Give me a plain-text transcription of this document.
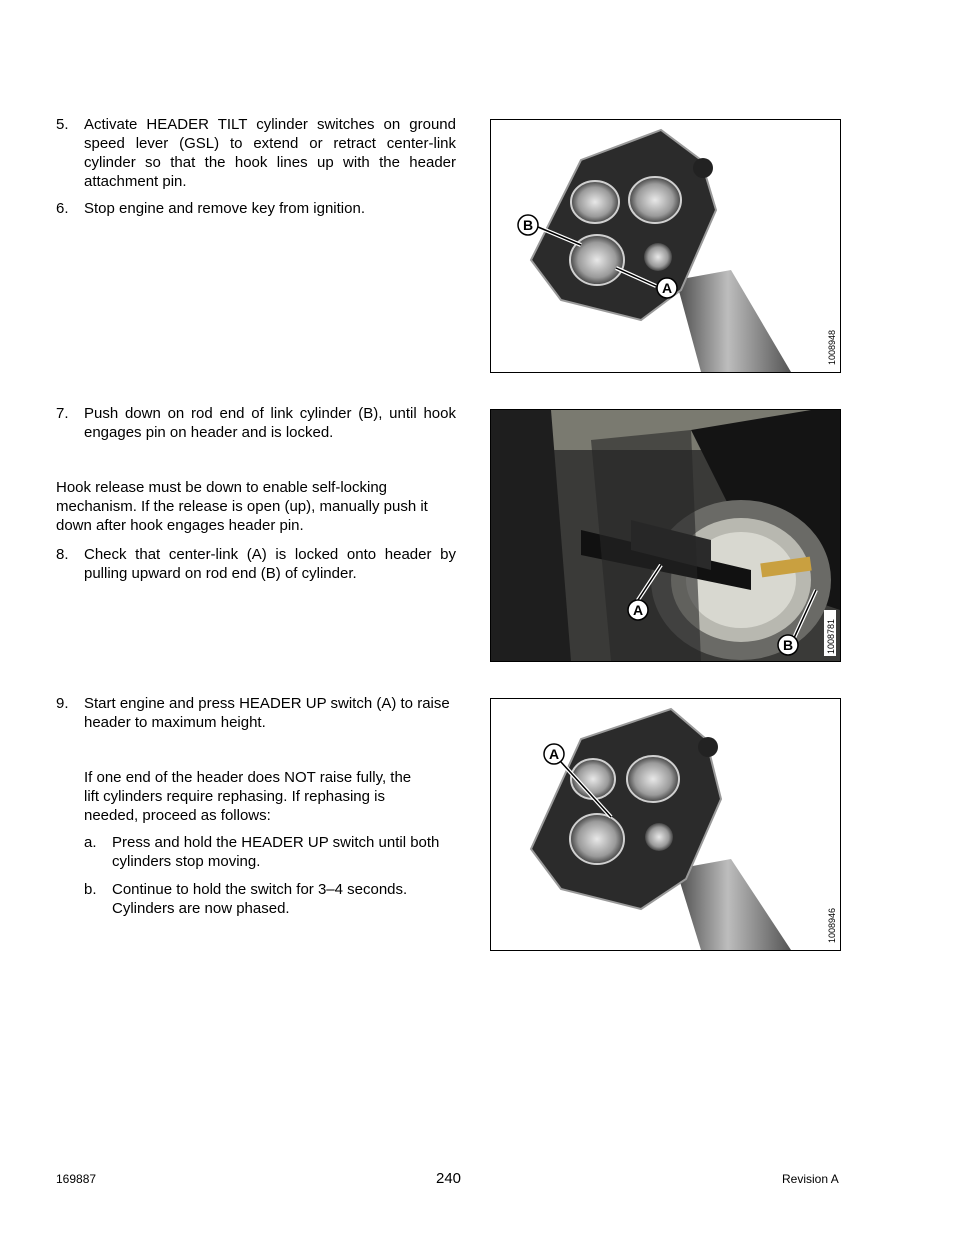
5. Activate HEADER TILT cylinder switches on ground speed lever (GSL) to extend or retract center-link cylinder so that the hook lines up with the header attachment pin.
6. Stop engine and remove key from ignition.
B
A
1008948
7. Push down on rod end of link cylinder (B), until hook engages pin on header and is locked.
Hook release must be down to enable self-locking mechanism. If the release is open (up), manually push it down after hook engages header pin.
8. Check that center-link (A) is locked onto header by pulling upward on rod end (B) of cylinder.
A
B	1008781
9. Start engine and press HEADER UP switch (A) to raise header to maximum height.
If one end of the header does NOT raise fully, the lift cylinders require rephasing. If rephasing is needed, proceed as follows:
a. Press and hold the HEADER UP switch until both cylinders stop moving.
b. Continue to hold the switch for 3–4 seconds. Cylinders are now phased.
A
1008946
169887	240	Revision A
